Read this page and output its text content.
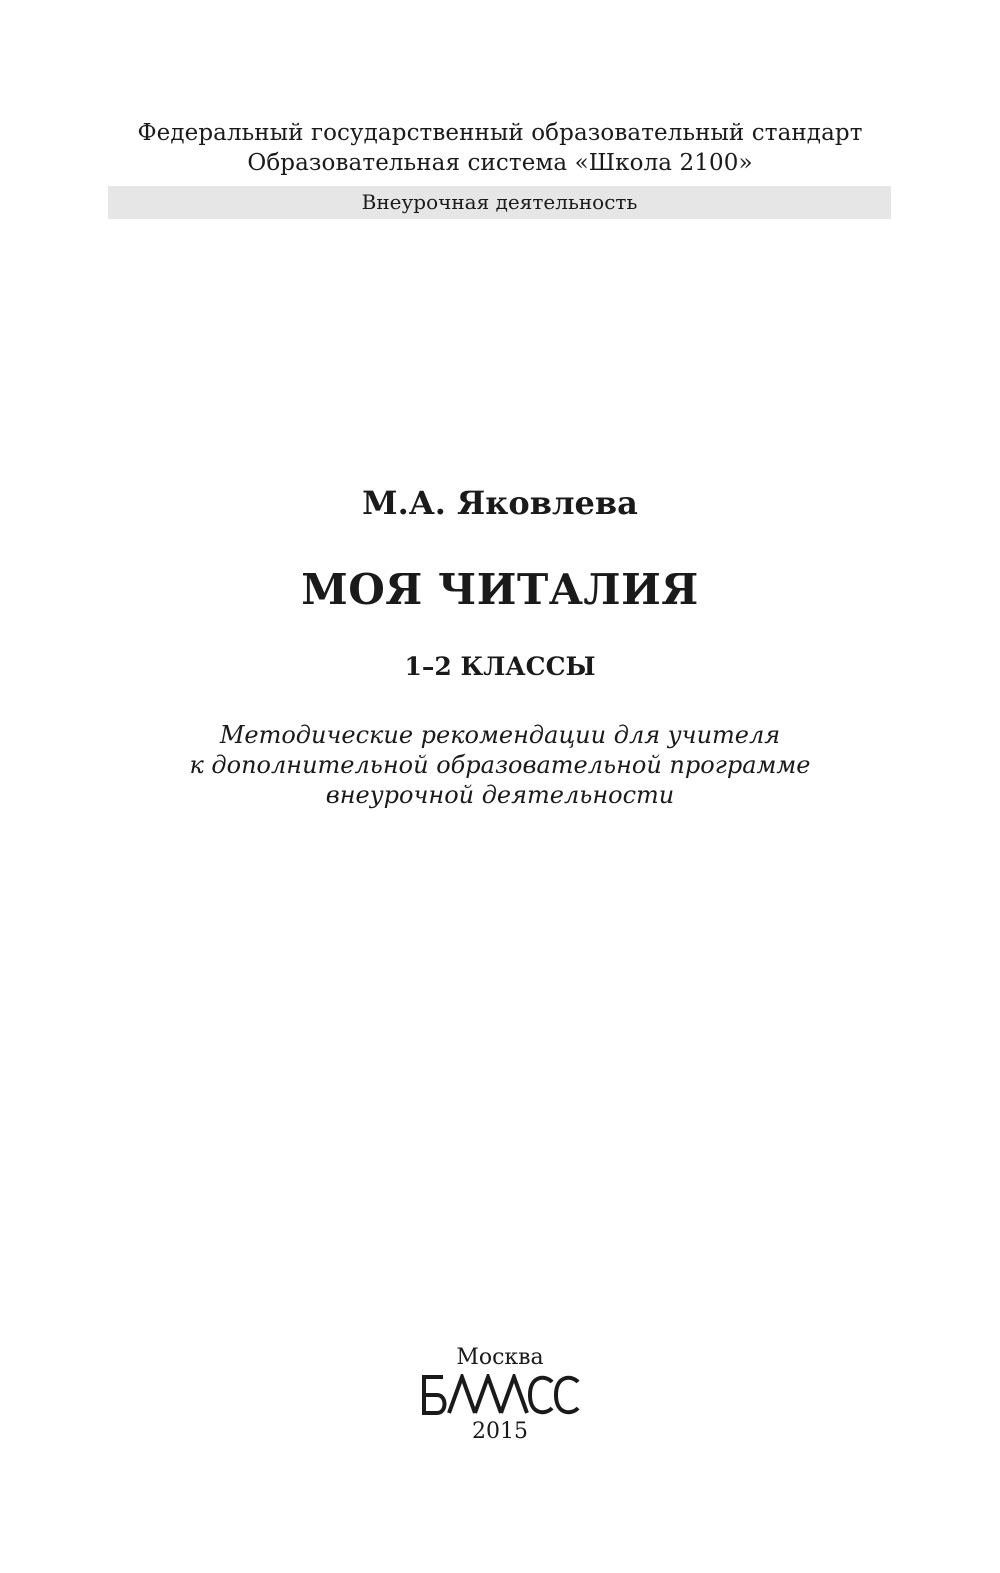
Федеральный государственный образовательный стандарт
Образовательная система «Школа 2100»
Внеурочная деятельность
М.А. Яковлева
МОЯ ЧИТАЛИЯ
1–2 КЛАССЫ
Методические рекомендации для учителя
к дополнительной образовательной программе
внеурочной деятельности
Москва
2015
